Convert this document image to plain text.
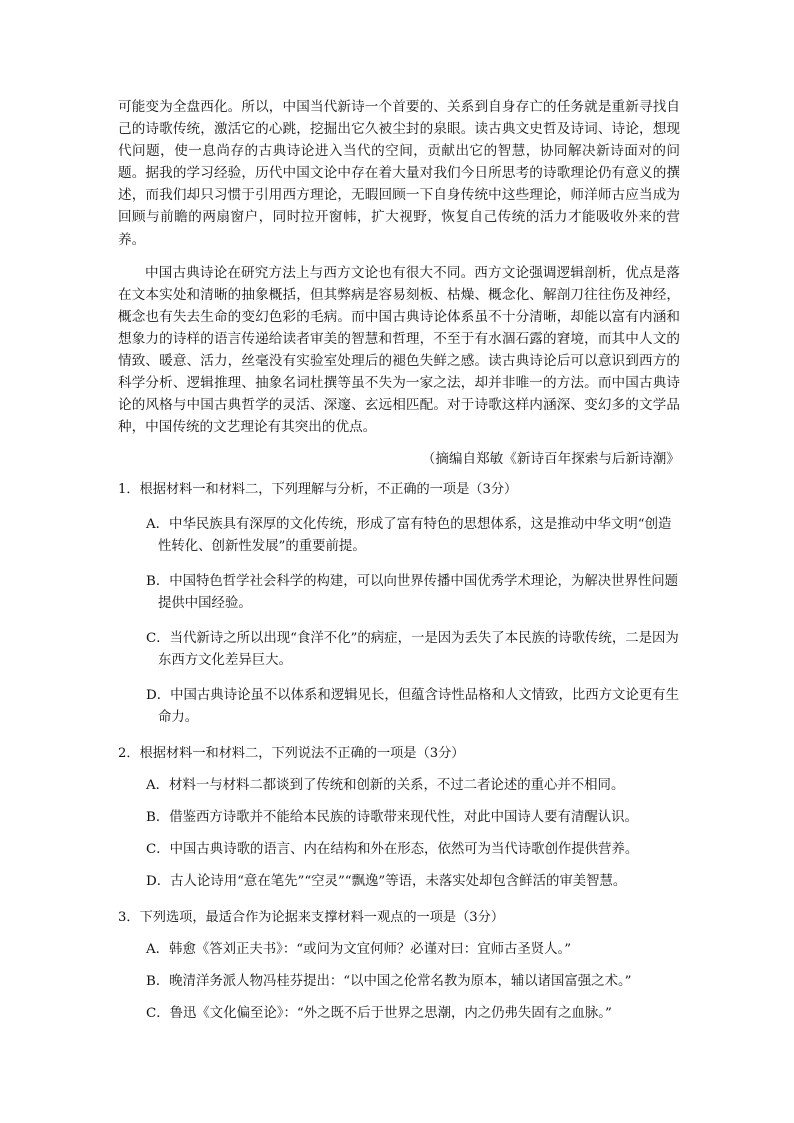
可能变为全盘西化。所以，中国当代新诗一个首要的、关系到自身存亡的任务就是重新寻找自己的诗歌传统，激活它的心跳，挖掘出它久被尘封的泉眼。读古典文史哲及诗词、诗论，想现代问题，使一息尚存的古典诗论进入当代的空间，贡献出它的智慧，协同解决新诗面对的问题。据我的学习经验，历代中国文论中存在着大量对我们今日所思考的诗歌理论仍有意义的撰述，而我们却只习惯于引用西方理论，无暇回顾一下自身传统中这些理论，师洋师古应当成为回顾与前瞻的两扇窗户，同时拉开窗帏，扩大视野，恢复自己传统的活力才能吸收外来的营养。

中国古典诗论在研究方法上与西方文论也有很大不同。西方文论强调逻辑剖析，优点是落在文本实处和清晰的抽象概括，但其弊病是容易刻板、枯燥、概念化、解剖刀往往伤及神经，概念也有失去生命的变幻色彩的毛病。而中国古典诗论体系虽不十分清晰，却能以富有内涵和想象力的诗样的语言传递给读者审美的智慧和哲理，不至于有水涸石露的窘境，而其中人文的情致、暖意、活力，丝毫没有实验室处理后的褪色失鲜之感。读古典诗论后可以意识到西方的科学分析、逻辑推理、抽象名词杜撰等虽不失为一家之法，却并非唯一的方法。而中国古典诗论的风格与中国古典哲学的灵活、深邃、玄远相匹配。对于诗歌这样内涵深、变幻多的文学品种，中国传统的文艺理论有其突出的优点。

（摘编自郑敏《新诗百年探索与后新诗潮》

1．根据材料一和材料二，下列理解与分析，不正确的一项是（3分）

A．中华民族具有深厚的文化传统，形成了富有特色的思想体系，这是推动中华文明“创造性转化、创新性发展”的重要前提。

B．中国特色哲学社会科学的构建，可以向世界传播中国优秀学术理论，为解决世界性问题提供中国经验。

C．当代新诗之所以出现“食洋不化”的病症，一是因为丢失了本民族的诗歌传统，二是因为东西方文化差异巨大。

D．中国古典诗论虽不以体系和逻辑见长，但蕴含诗性品格和人文情致，比西方文论更有生命力。

2．根据材料一和材料二，下列说法不正确的一项是（3分）

A．材料一与材料二都谈到了传统和创新的关系，不过二者论述的重心并不相同。

B．借鉴西方诗歌并不能给本民族的诗歌带来现代性，对此中国诗人要有清醒认识。

C．中国古典诗歌的语言、内在结构和外在形态，依然可为当代诗歌创作提供营养。

D．古人论诗用“意在笔先”“空灵”“飘逸”等语，未落实处却包含鲜活的审美智慧。

3．下列选项，最适合作为论据来支撑材料一观点的一项是（3分）

A．韩愈《答刘正夫书》：“或问为文宜何师？必谨对曰：宜师古圣贤人。”

B．晚清洋务派人物冯桂芬提出：“以中国之伦常名教为原本，辅以诸国富强之术。”

C．鲁迅《文化偏至论》：“外之既不后于世界之思潮，内之仍弗失固有之血脉。”
